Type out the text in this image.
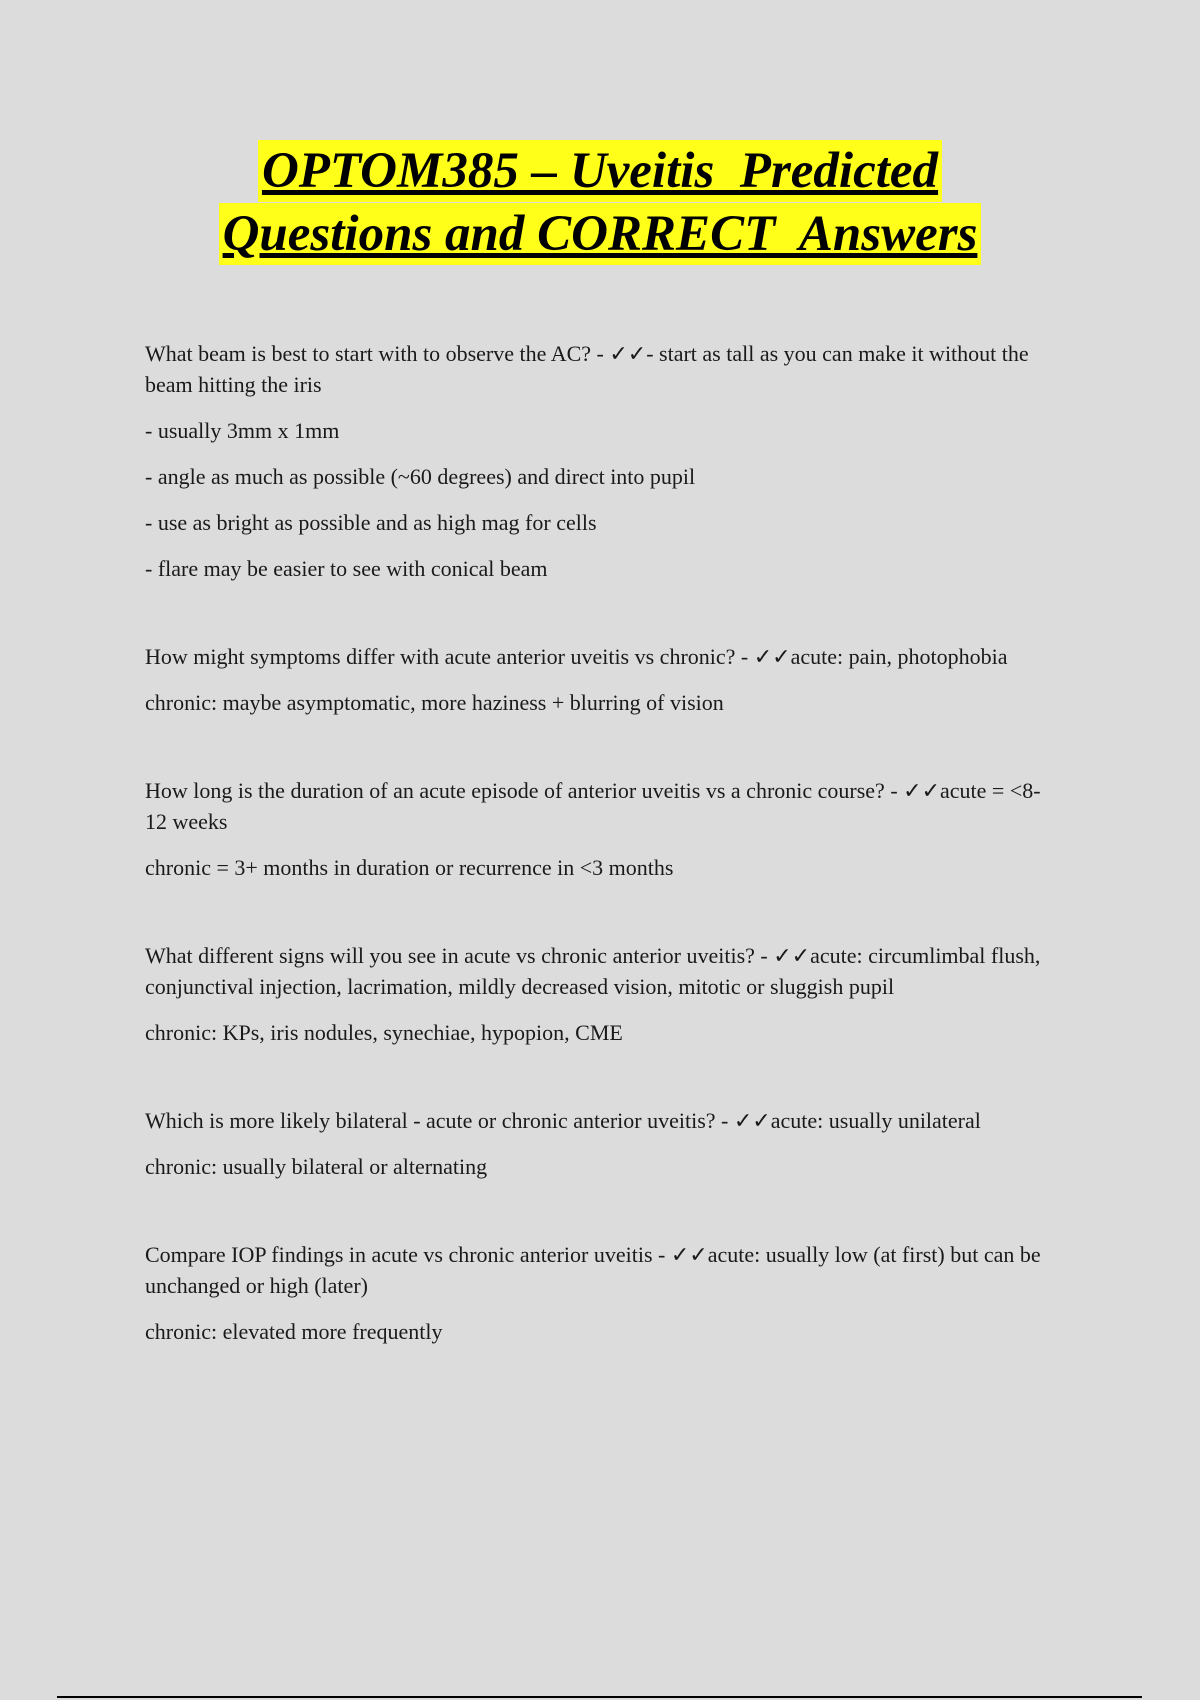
OPTOM385 – Uveitis  Predicted
Questions and CORRECT  Answers

What beam is best to start with to observe the AC? - ✓✓- start as tall as you can make it without the beam hitting the iris

- usually 3mm x 1mm

- angle as much as possible (~60 degrees) and direct into pupil

- use as bright as possible and as high mag for cells

- flare may be easier to see with conical beam

How might symptoms differ with acute anterior uveitis vs chronic? - ✓✓acute: pain, photophobia

chronic: maybe asymptomatic, more haziness + blurring of vision

How long is the duration of an acute episode of anterior uveitis vs a chronic course? - ✓✓acute = <8-12 weeks

chronic = 3+ months in duration or recurrence in <3 months

What different signs will you see in acute vs chronic anterior uveitis? - ✓✓acute: circumlimbal flush, conjunctival injection, lacrimation, mildly decreased vision, mitotic or sluggish pupil

chronic: KPs, iris nodules, synechiae, hypopion, CME

Which is more likely bilateral - acute or chronic anterior uveitis? - ✓✓acute: usually unilateral

chronic: usually bilateral or alternating

Compare IOP findings in acute vs chronic anterior uveitis - ✓✓acute: usually low (at first) but can be unchanged or high (later)

chronic: elevated more frequently
